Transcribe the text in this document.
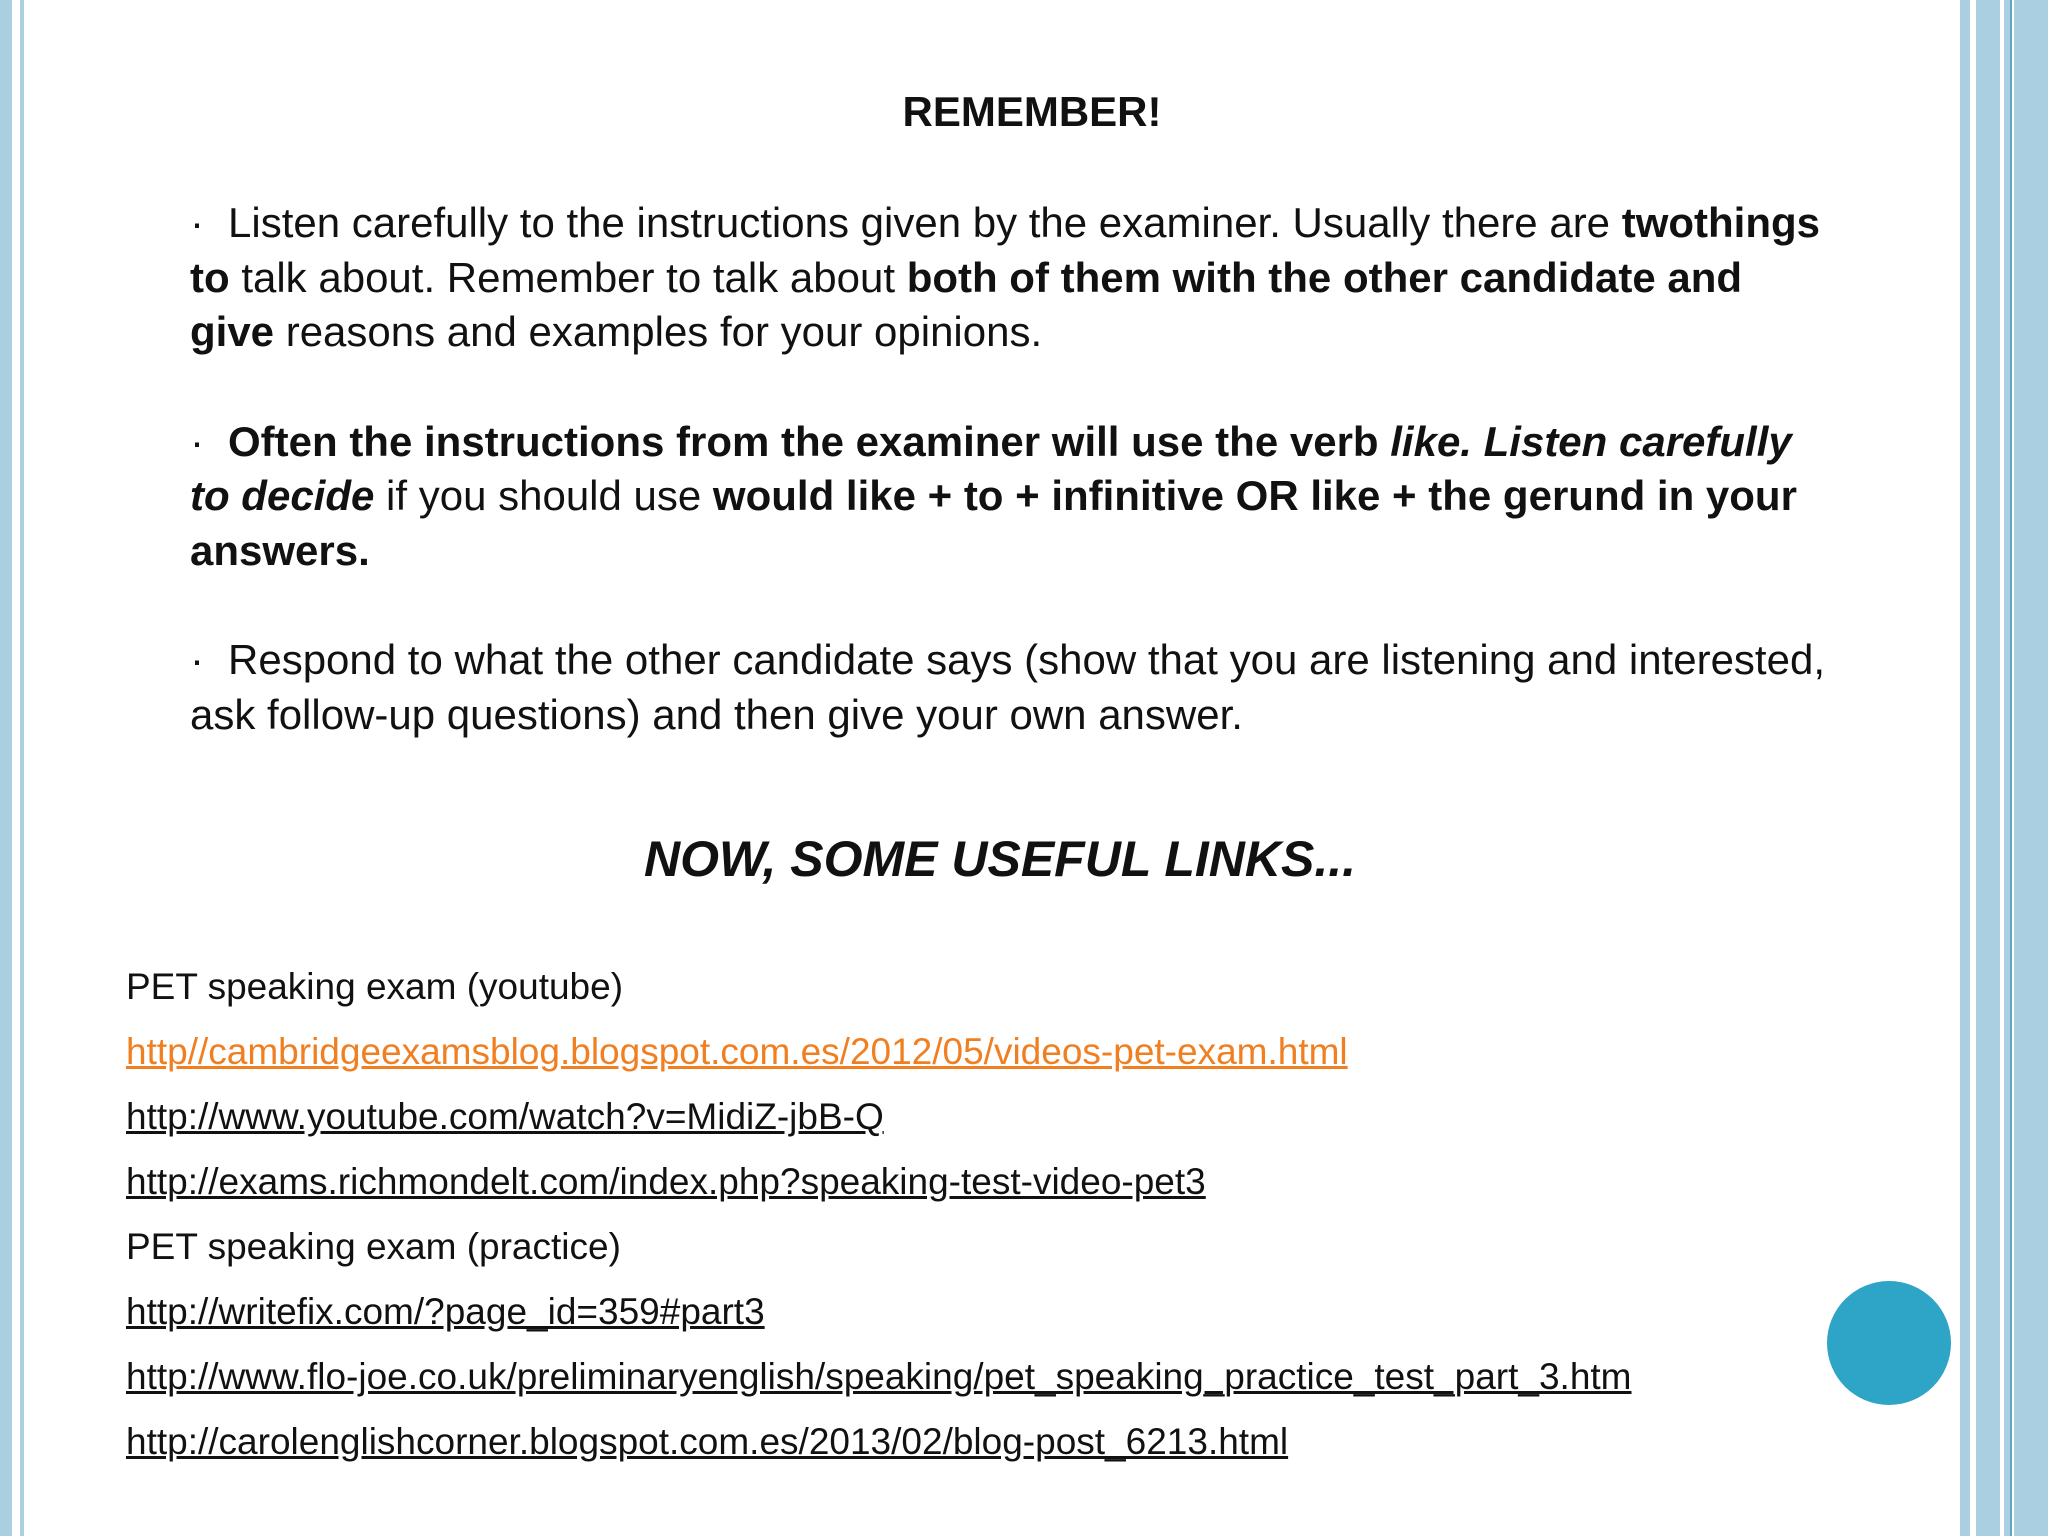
REMEMBER!
· Listen carefully to the instructions given by the examiner. Usually there are twothings to talk about. Remember to talk about both of them with the other candidate and give reasons and examples for your opinions.
· Often the instructions from the examiner will use the verb like. Listen carefully to decide if you should use would like + to + infinitive OR like + the gerund in your answers.
· Respond to what the other candidate says (show that you are listening and interested, ask follow-up questions) and then give your own answer.
NOW, SOME USEFUL LINKS...
PET speaking exam (youtube)
http//cambridgeexamsblog.blogspot.com.es/2012/05/videos-pet-exam.html
http://www.youtube.com/watch?v=MidiZ-jbB-Q
http://exams.richmondelt.com/index.php?speaking-test-video-pet3
PET speaking exam (practice)
http://writefix.com/?page_id=359#part3
http://www.flo-joe.co.uk/preliminaryenglish/speaking/pet_speaking_practice_test_part_3.htm
http://carolenglishcorner.blogspot.com.es/2013/02/blog-post_6213.html
